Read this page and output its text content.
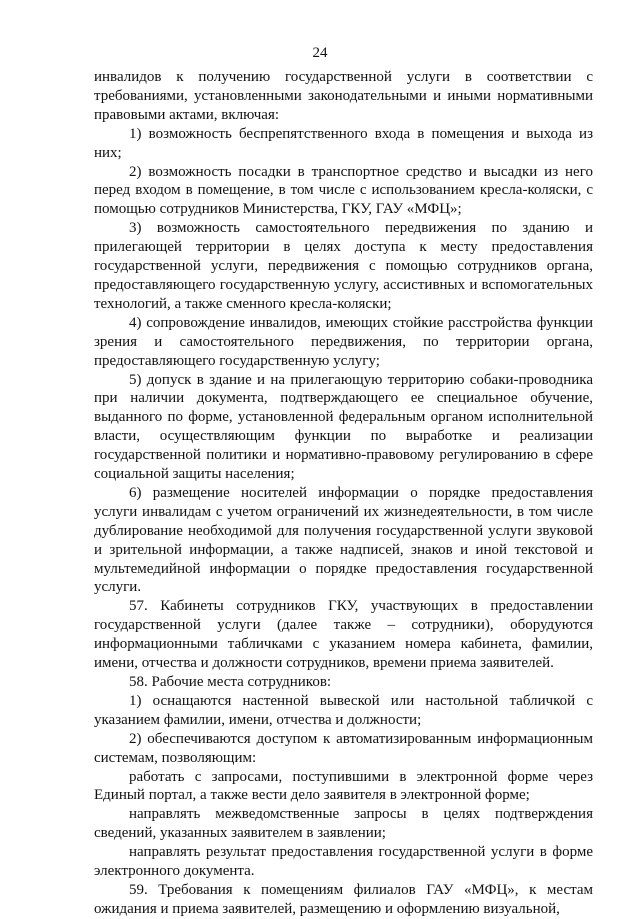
24

инвалидов к получению государственной услуги в соответствии с требованиями, установленными законодательными и иными нормативными правовыми актами, включая:

1) возможность беспрепятственного входа в помещения и выхода из них;

2) возможность посадки в транспортное средство и высадки из него перед входом в помещение, в том числе с использованием кресла-коляски, с помощью сотрудников Министерства, ГКУ, ГАУ «МФЦ»;

3) возможность самостоятельного передвижения по зданию и прилегающей территории в целях доступа к месту предоставления государственной услуги, передвижения с помощью сотрудников органа, предоставляющего государственную услугу, ассистивных и вспомогательных технологий, а также сменного кресла-коляски;

4) сопровождение инвалидов, имеющих стойкие расстройства функции зрения и самостоятельного передвижения, по территории органа, предоставляющего государственную услугу;

5) допуск в здание и на прилегающую территорию собаки-проводника при наличии документа, подтверждающего ее специальное обучение, выданного по форме, установленной федеральным органом исполнительной власти, осуществляющим функции по выработке и реализации государственной политики и нормативно-правовому регулированию в сфере социальной защиты населения;

6) размещение носителей информации о порядке предоставления услуги инвалидам с учетом ограничений их жизнедеятельности, в том числе дублирование необходимой для получения государственной услуги звуковой и зрительной информации, а также надписей, знаков и иной текстовой и мультемедийной информации о порядке предоставления государственной услуги.

57. Кабинеты сотрудников ГКУ, участвующих в предоставлении государственной услуги (далее также – сотрудники), оборудуются информационными табличками с указанием номера кабинета, фамилии, имени, отчества и должности сотрудников, времени приема заявителей.

58. Рабочие места сотрудников:

1) оснащаются настенной вывеской или настольной табличкой с указанием фамилии, имени, отчества и должности;

2) обеспечиваются доступом к автоматизированным информационным системам, позволяющим:

работать с запросами, поступившими в электронной форме через Единый портал, а также вести дело заявителя в электронной форме;

направлять межведомственные запросы в целях подтверждения сведений, указанных заявителем в заявлении;

направлять результат предоставления государственной услуги в форме электронного документа.

59. Требования к помещениям филиалов ГАУ «МФЦ», к местам ожидания и приема заявителей, размещению и оформлению визуальной,
